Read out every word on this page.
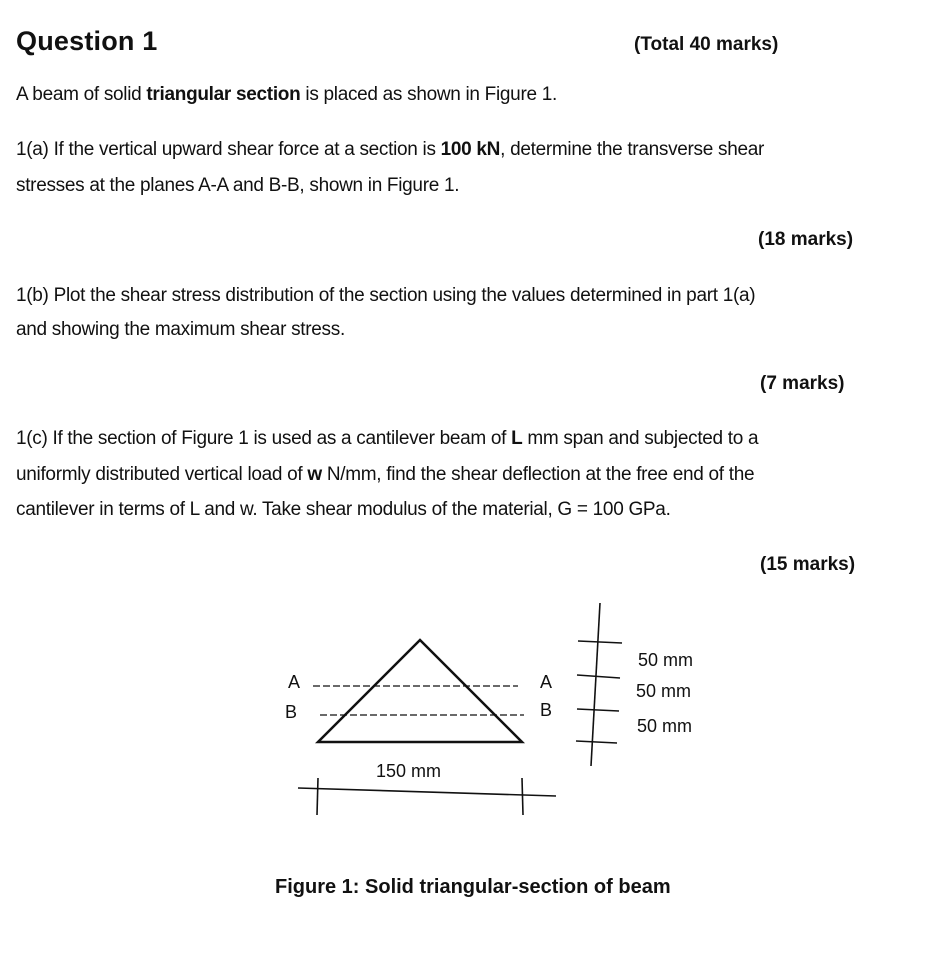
Question 1	(Total 40 marks)
A beam of solid triangular section is placed as shown in Figure 1.
1(a) If the vertical upward shear force at a section is 100 kN, determine the transverse shear
stresses at the planes A-A and B-B, shown in Figure 1.
(18 marks)
1(b) Plot the shear stress distribution of the section using the values determined in part 1(a)
and showing the maximum shear stress.
(7 marks)
1(c) If the section of Figure 1 is used as a cantilever beam of L mm span and subjected to a
uniformly distributed vertical load of w N/mm, find the shear deflection at the free end of the
cantilever in terms of L and w. Take shear modulus of the material, G = 100 GPa.
(15 marks)
A
B
A
B
150 mm
50 mm
50 mm
50 mm
Figure 1: Solid triangular-section of beam
